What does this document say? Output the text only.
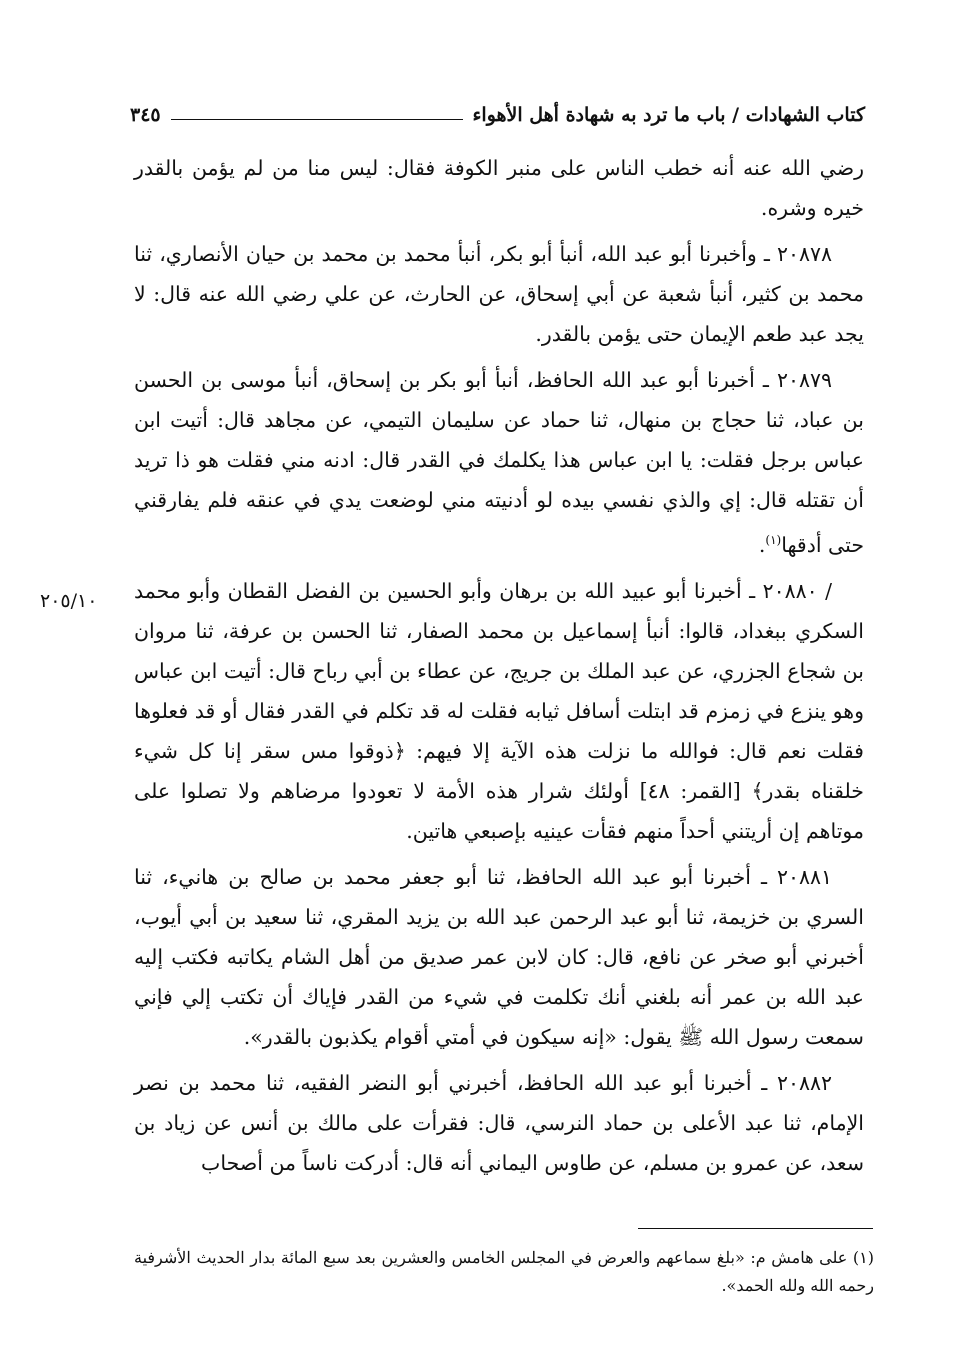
كتاب الشهادات / باب ما ترد به شهادة أهل الأهواء
٣٤٥
٢٠٥/١٠

رضي الله عنه أنه خطب الناس على منبر الكوفة فقال: ليس منا من لم يؤمن بالقدر خيره وشره.

٢٠٨٧٨ ـ وأخبرنا أبو عبد الله، أنبأ أبو بكر، أنبأ محمد بن محمد بن حيان الأنصاري، ثنا محمد بن كثير، أنبأ شعبة عن أبي إسحاق، عن الحارث، عن علي رضي الله عنه قال: لا يجد عبد طعم الإيمان حتى يؤمن بالقدر.

٢٠٨٧٩ ـ أخبرنا أبو عبد الله الحافظ، أنبأ أبو بكر بن إسحاق، أنبأ موسى بن الحسن بن عباد، ثنا حجاج بن منهال، ثنا حماد عن سليمان التيمي، عن مجاهد قال: أتيت ابن عباس برجل فقلت: يا ابن عباس هذا يكلمك في القدر قال: ادنه مني فقلت هو ذا تريد أن تقتله قال: إي والذي نفسي بيده لو أدنيته مني لوضعت يدي في عنقه فلم يفارقني حتى أدقها$^{(١)}$.

/ ٢٠٨٨٠ ـ أخبرنا أبو عبيد الله بن برهان وأبو الحسين بن الفضل القطان وأبو محمد السكري ببغداد، قالوا: أنبأ إسماعيل بن محمد الصفار، ثنا الحسن بن عرفة، ثنا مروان بن شجاع الجزري، عن عبد الملك بن جريج، عن عطاء بن أبي رباح قال: أتيت ابن عباس وهو ينزع في زمزم قد ابتلت أسافل ثيابه فقلت له قد تكلم في القدر فقال أو قد فعلوها فقلت نعم قال: فوالله ما نزلت هذه الآية إلا فيهم: ﴿ذوقوا مس سقر إنا كل شيء خلقناه بقدر﴾ [القمر: ٤٨] أولئك شرار هذه الأمة لا تعودوا مرضاهم ولا تصلوا على موتاهم إن أريتني أحداً منهم فقأت عينيه بإصبعي هاتين.

٢٠٨٨١ ـ أخبرنا أبو عبد الله الحافظ، ثنا أبو جعفر محمد بن صالح بن هانيء، ثنا السري بن خزيمة، ثنا أبو عبد الرحمن عبد الله بن يزيد المقري، ثنا سعيد بن أبي أيوب، أخبرني أبو صخر عن نافع، قال: كان لابن عمر صديق من أهل الشام يكاتبه فكتب إليه عبد الله بن عمر أنه بلغني أنك تكلمت في شيء من القدر فإياك أن تكتب إلي فإني سمعت رسول الله ﷺ يقول: «إنه سيكون في أمتي أقوام يكذبون بالقدر».

٢٠٨٨٢ ـ أخبرنا أبو عبد الله الحافظ، أخبرني أبو النضر الفقيه، ثنا محمد بن نصر الإمام، ثنا عبد الأعلى بن حماد النرسي، قال: فقرأت على مالك بن أنس عن زياد بن سعد، عن عمرو بن مسلم، عن طاوس اليماني أنه قال: أدركت ناساً من أصحاب

(١) على هامش م: «بلغ سماعهم والعرض في المجلس الخامس والعشرين بعد سبع المائة بدار الحديث الأشرفية رحمه الله ولله الحمد».
